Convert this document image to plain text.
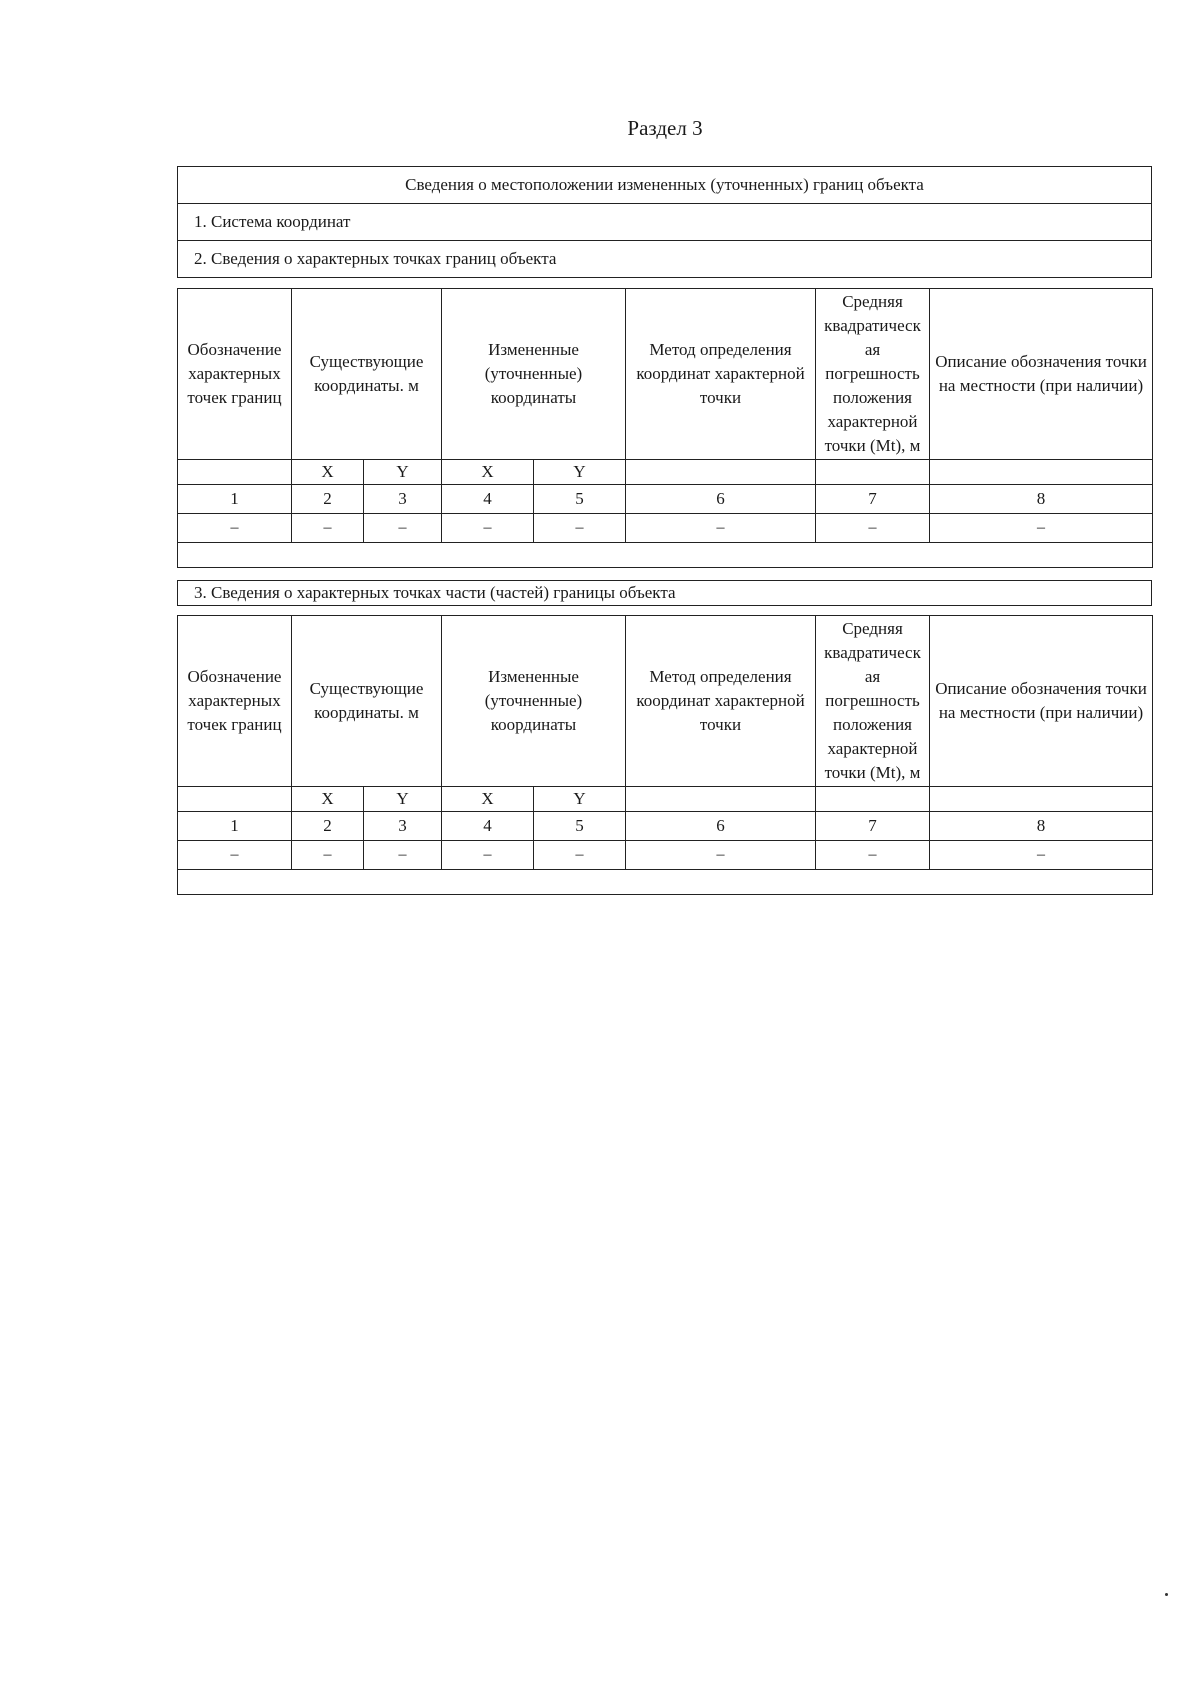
Раздел 3
Сведения о местоположении измененных (уточненных) границ объекта
1. Система координат
2. Сведения о характерных точках границ объекта
Обозначение характерных точек границ	Существующие координаты. м		Измененные (уточненные) координаты		Метод определения координат характерной точки	Средняя квадратическ ая погрешность положения характерной точки (Mt), м	Описание обозначения точки на местности (при наличии)
	X	Y	X	Y			
1	2	3	4	5	6	7	8
–	–	–	–	–	–	–	–

3. Сведения о характерных точках части (частей) границы объекта
Обозначение характерных точек границ	Существующие координаты. м		Измененные (уточненные) координаты		Метод определения координат характерной точки	Средняя квадратическ ая погрешность положения характерной точки (Mt), м	Описание обозначения точки на местности (при наличии)
	X	Y	X	Y			
1	2	3	4	5	6	7	8
–	–	–	–	–	–	–	–
